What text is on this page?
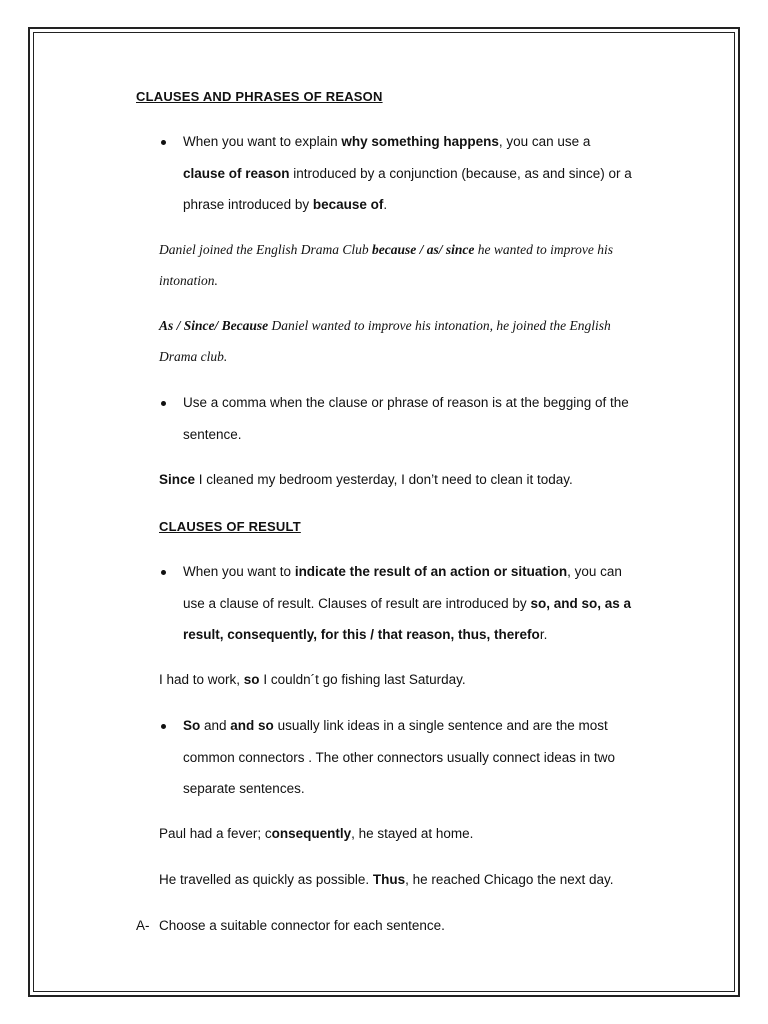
CLAUSES AND PHRASES OF REASON
When you want to explain why something happens, you can use a
clause of reason introduced by a conjunction (because, as and since) or a
phrase introduced by because of.
Daniel joined the English Drama Club because / as/ since he wanted to improve his
intonation.
As / Since/ Because Daniel wanted to improve his intonation, he joined the English
Drama club.
Use a comma when the clause or phrase of reason is at the begging of the
sentence.
Since I cleaned my bedroom yesterday, I don’t need to clean it today.
CLAUSES OF RESULT
When you want to indicate the result of an action or situation, you can
use a clause of result. Clauses of result are introduced by so, and so, as a
result, consequently, for this / that reason, thus, therefor.
I had to work, so I couldn´t go fishing last Saturday.
So and and so usually link ideas in a single sentence and are the most
common connectors . The other connectors usually connect ideas in two
separate sentences.
Paul had a fever; consequently, he stayed at home.
He travelled as quickly as possible. Thus, he reached Chicago the next day.
A- Choose a suitable connector for each sentence.
